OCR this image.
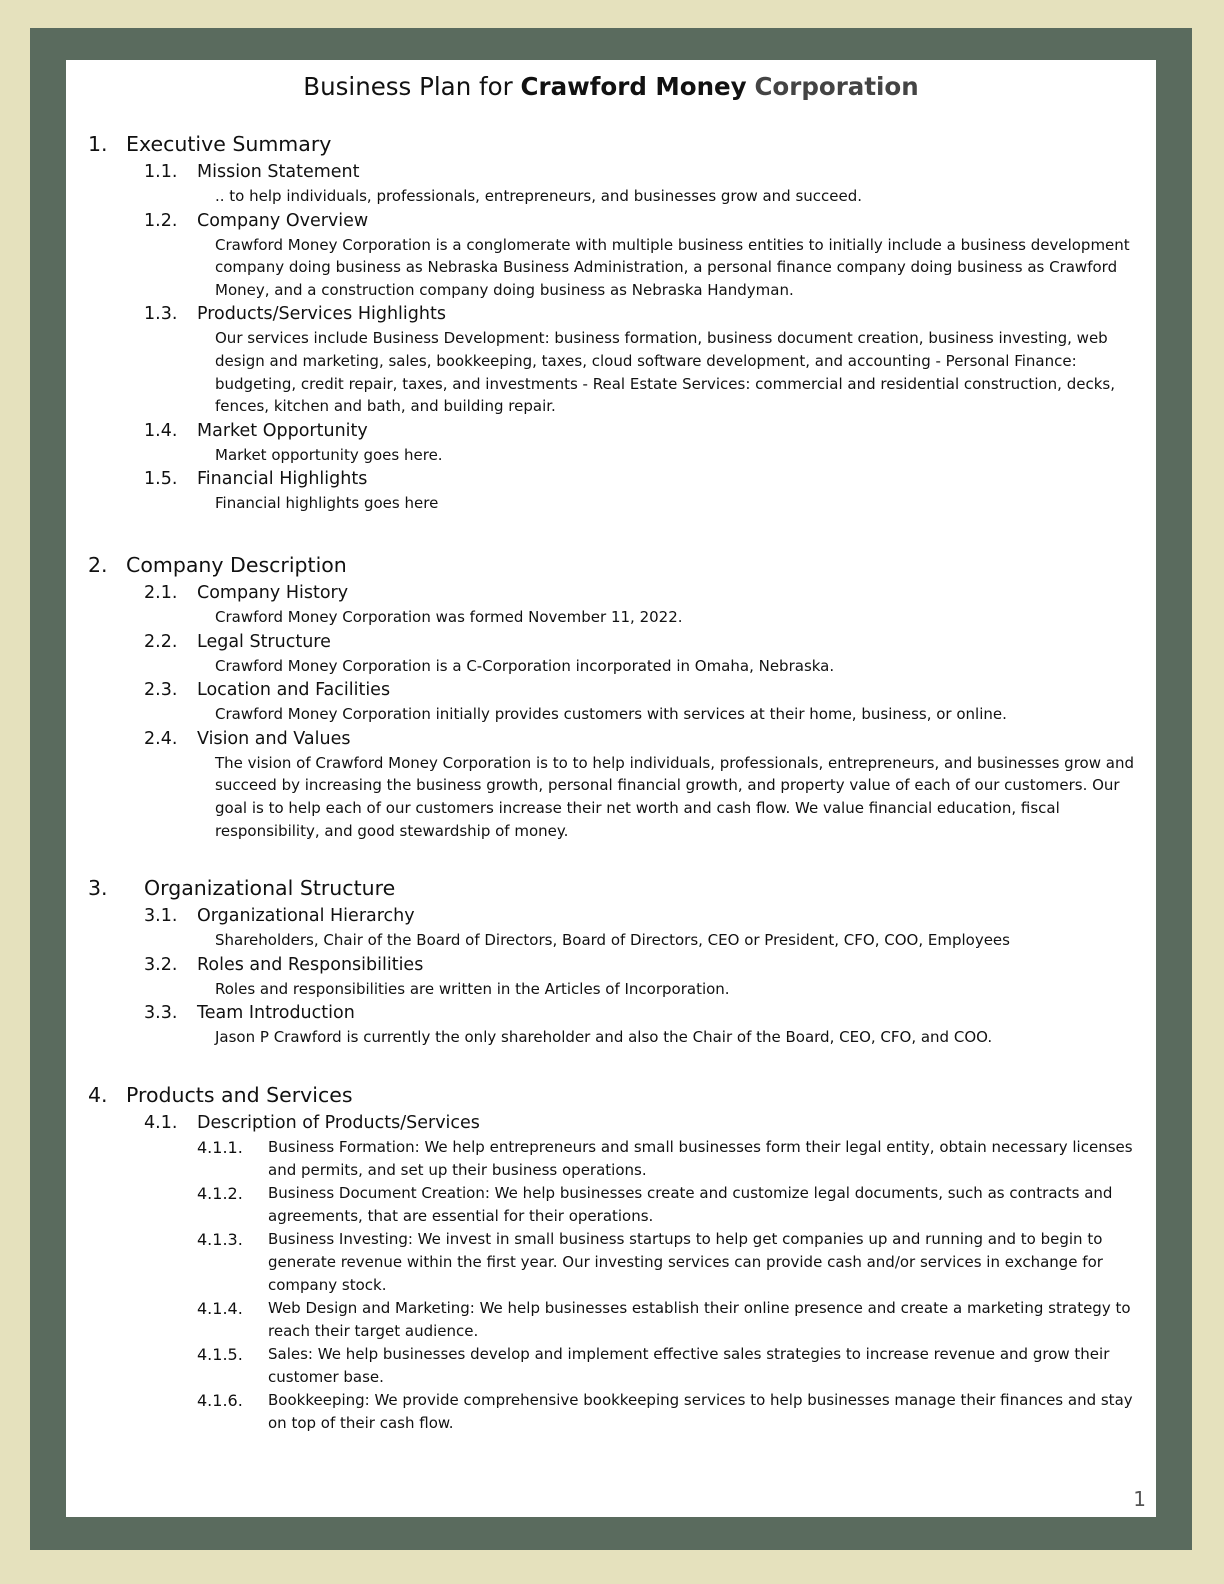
Business Plan for Crawford Money Corporation
1. Executive Summary
1.1.	Mission Statement
.. to help individuals, professionals, entrepreneurs, and businesses grow and succeed.
1.2.	Company Overview
Crawford Money Corporation is a conglomerate with multiple business entities to initially include a business development company doing business as Nebraska Business Administration, a personal finance company doing business as Crawford Money, and a construction company doing business as Nebraska Handyman.
1.3.	Products/Services Highlights
Our services include Business Development: business formation, business document creation, business investing, web design and marketing, sales, bookkeeping, taxes, cloud software development, and accounting - Personal Finance: budgeting, credit repair, taxes, and investments - Real Estate Services: commercial and residential construction, decks, fences, kitchen and bath, and building repair.
1.4.	Market Opportunity
Market opportunity goes here.
1.5.	Financial Highlights
Financial highlights goes here
2. Company Description
2.1.	Company History
Crawford Money Corporation was formed November 11, 2022.
2.2.	Legal Structure
Crawford Money Corporation is a C-Corporation incorporated in Omaha, Nebraska.
2.3.	Location and Facilities
Crawford Money Corporation initially provides customers with services at their home, business, or online.
2.4.	Vision and Values
The vision of Crawford Money Corporation is to to help individuals, professionals, entrepreneurs, and businesses grow and succeed by increasing the business growth, personal financial growth, and property value of each of our customers. Our goal is to help each of our customers increase their net worth and cash flow. We value financial education, fiscal responsibility, and good stewardship of money.
3.	Organizational Structure
3.1.	Organizational Hierarchy
Shareholders, Chair of the Board of Directors, Board of Directors, CEO or President, CFO, COO, Employees
3.2.	Roles and Responsibilities
Roles and responsibilities are written in the Articles of Incorporation.
3.3.	Team Introduction
Jason P Crawford is currently the only shareholder and also the Chair of the Board, CEO, CFO, and COO.
4. Products and Services
4.1.	Description of Products/Services
4.1.1.	Business Formation: We help entrepreneurs and small businesses form their legal entity, obtain necessary licenses and permits, and set up their business operations.
4.1.2.	Business Document Creation: We help businesses create and customize legal documents, such as contracts and agreements, that are essential for their operations.
4.1.3.	Business Investing: We invest in small business startups to help get companies up and running and to begin to generate revenue within the first year. Our investing services can provide cash and/or services in exchange for company stock.
4.1.4.	Web Design and Marketing: We help businesses establish their online presence and create a marketing strategy to reach their target audience.
4.1.5.	Sales: We help businesses develop and implement effective sales strategies to increase revenue and grow their customer base.
4.1.6.	Bookkeeping: We provide comprehensive bookkeeping services to help businesses manage their finances and stay on top of their cash flow.
1
